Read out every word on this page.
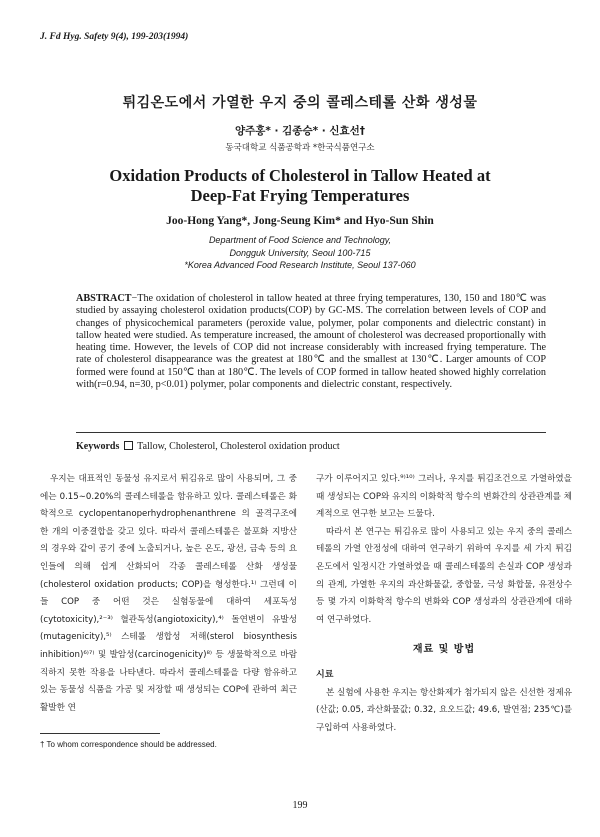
J. Fd Hyg. Safety 9(4), 199-203(1994)
튀김온도에서 가열한 우지 중의 콜레스테롤 산화 생성물
양주홍* · 김종승* · 신효선†
동국대학교 식품공학과 *한국식품연구소
Oxidation Products of Cholesterol in Tallow Heated at
Deep-Fat Frying Temperatures
Joo-Hong Yang*, Jong-Seung Kim* and Hyo-Sun Shin
Department of Food Science and Technology,
Dongguk University, Seoul 100-715
*Korea Advanced Food Research Institute, Seoul 137-060
ABSTRACT−The oxidation of cholesterol in tallow heated at three frying temperatures, 130, 150 and 180℃ was studied by assaying cholesterol oxidation products(COP) by GC-MS. The correlation between levels of COP and changes of physicochemical parameters (peroxide value, polymer, polar components and dielectric constant) in tallow heated were studied. As temperature increased, the amount of cholesterol was decreased proportionally with heating time. However, the levels of COP did not increase considerably with increased frying temperature. The rate of cholesterol disappearance was the greatest at 180℃ and the smallest at 130℃. Larger amounts of COP formed were found at 150℃ than at 180℃. The levels of COP formed in tallow heated showed highly correlation with(r=0.94, n=30, p<0.01) polymer, polar components and dielectric constant, respectively.
Keywords Tallow, Cholesterol, Cholesterol oxidation product

우지는 대표적인 동물성 유지로서 튀김유로 많이 사용되며, 그 중에는 0.15∼0.20%의 콜레스테롤을 함유하고 있다. 콜레스테롤은 화학적으로 cyclopentanoperhydrophenanthrene 의 골격구조에 한 개의 이중결합을 갖고 있다. 따라서 콜레스테롤은 불포화 지방산의 경우와 같이 공기 중에 노출되거나, 높은 온도, 광선, 금속 등의 요인들에 의해 쉽게 산화되어 각종 콜레스테롤 산화 생성물(cholesterol oxidation products; COP)을 형성한다.¹⁾ 그런데 이들 COP 중 어떤 것은 실험동물에 대하여 세포독성(cytotoxicity),²⁻³⁾ 혈관독성(angiotoxicity),⁴⁾ 돌연변이 유발성(mutagenicity),⁵⁾ 스테롤 생합성 저해(sterol biosynthesis inhibition)⁶⁾⁷⁾ 및 발암성(carcinogenicity)⁸⁾ 등 생물학적으로 바람직하지 못한 작용을 나타낸다. 따라서 콜레스테롤을 다량 함유하고 있는 동물성 식품을 가공 및 저장할 때 생성되는 COP에 관하여 최근 활발한 연

구가 이루어지고 있다.⁹⁾¹⁰⁾ 그러나, 우지를 튀김조건으로 가열하였을 때 생성되는 COP와 유지의 이화학적 항수의 변화간의 상관관계를 체계적으로 연구한 보고는 드물다.

따라서 본 연구는 튀김유로 많이 사용되고 있는 우지 중의 콜레스테롤의 가열 안정성에 대하여 연구하기 위하여 우지를 세 가지 튀김온도에서 일정시간 가열하였을 때 콜레스테롤의 손실과 COP 생성과의 관계, 가열한 우지의 과산화물값, 중합물, 극성 화합물, 유전상수 등 몇 가지 이화학적 항수의 변화와 COP 생성과의 상관관계에 대하여 연구하였다.

재료 및 방법
시료

본 실험에 사용한 우지는 항산화제가 첨가되지 않은 신선한 정제유(산값; 0.05, 과산화물값; 0.32, 요오드값; 49.6, 발연점; 235℃)를 구입하여 사용하였다.

† To whom correspondence should be addressed.
199
